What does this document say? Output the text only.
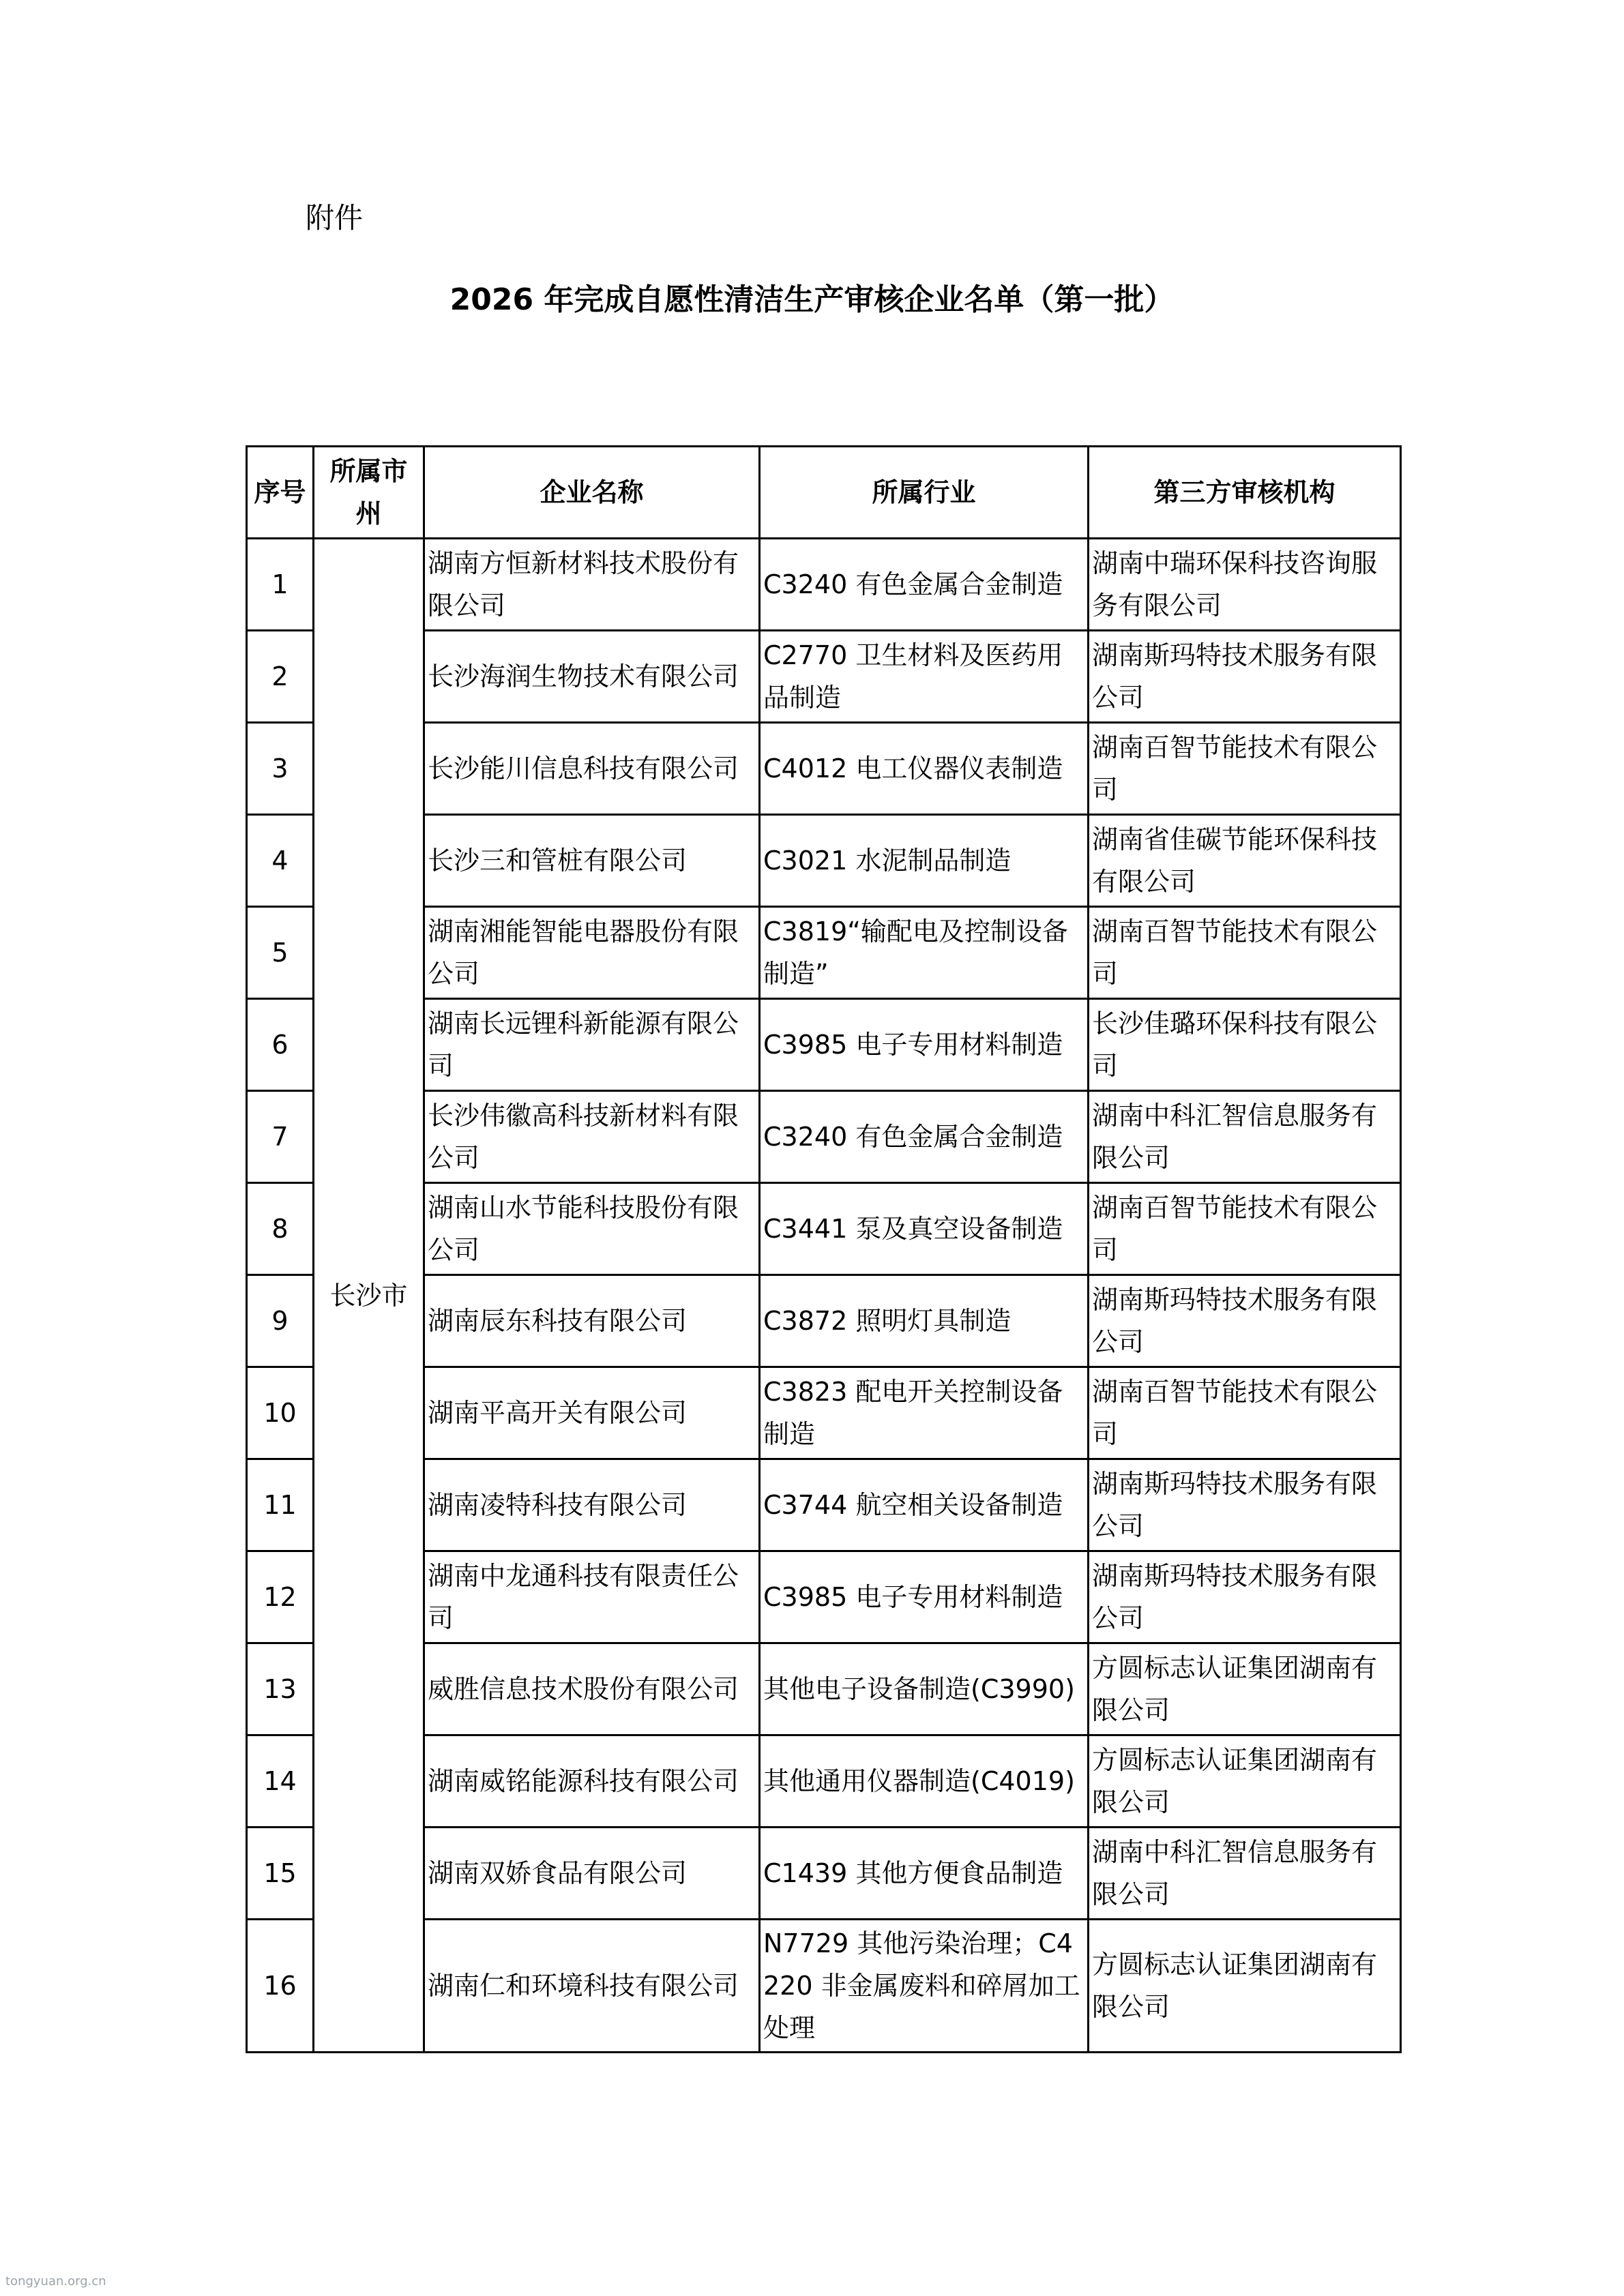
附件
2026 年完成自愿性清洁生产审核企业名单（第一批）
序号	所属市州	企业名称	所属行业	第三方审核机构
1	长沙市	湖南方恒新材料技术股份有限公司	C3240 有色金属合金制造	湖南中瑞环保科技咨询服务有限公司
2		长沙海润生物技术有限公司	C2770 卫生材料及医药用品制造	湖南斯玛特技术服务有限公司
3		长沙能川信息科技有限公司	C4012 电工仪器仪表制造	湖南百智节能技术有限公司
4		长沙三和管桩有限公司	C3021 水泥制品制造	湖南省佳碳节能环保科技有限公司
5		湖南湘能智能电器股份有限公司	C3819“输配电及控制设备制造”	湖南百智节能技术有限公司
6		湖南长远锂科新能源有限公司	C3985 电子专用材料制造	长沙佳璐环保科技有限公司
7		长沙伟徽高科技新材料有限公司	C3240 有色金属合金制造	湖南中科汇智信息服务有限公司
8		湖南山水节能科技股份有限公司	C3441 泵及真空设备制造	湖南百智节能技术有限公司
9		湖南辰东科技有限公司	C3872 照明灯具制造	湖南斯玛特技术服务有限公司
10		湖南平高开关有限公司	C3823 配电开关控制设备制造	湖南百智节能技术有限公司
11		湖南凌特科技有限公司	C3744 航空相关设备制造	湖南斯玛特技术服务有限公司
12		湖南中龙通科技有限责任公司	C3985 电子专用材料制造	湖南斯玛特技术服务有限公司
13		威胜信息技术股份有限公司	其他电子设备制造(C3990)	方圆标志认证集团湖南有限公司
14		湖南威铭能源科技有限公司	其他通用仪器制造(C4019)	方圆标志认证集团湖南有限公司
15		湖南双娇食品有限公司	C1439 其他方便食品制造	湖南中科汇智信息服务有限公司
16		湖南仁和环境科技有限公司	N7729 其他污染治理；C4220 非金属废料和碎屑加工处理	方圆标志认证集团湖南有限公司
tongyuan.org.cn
